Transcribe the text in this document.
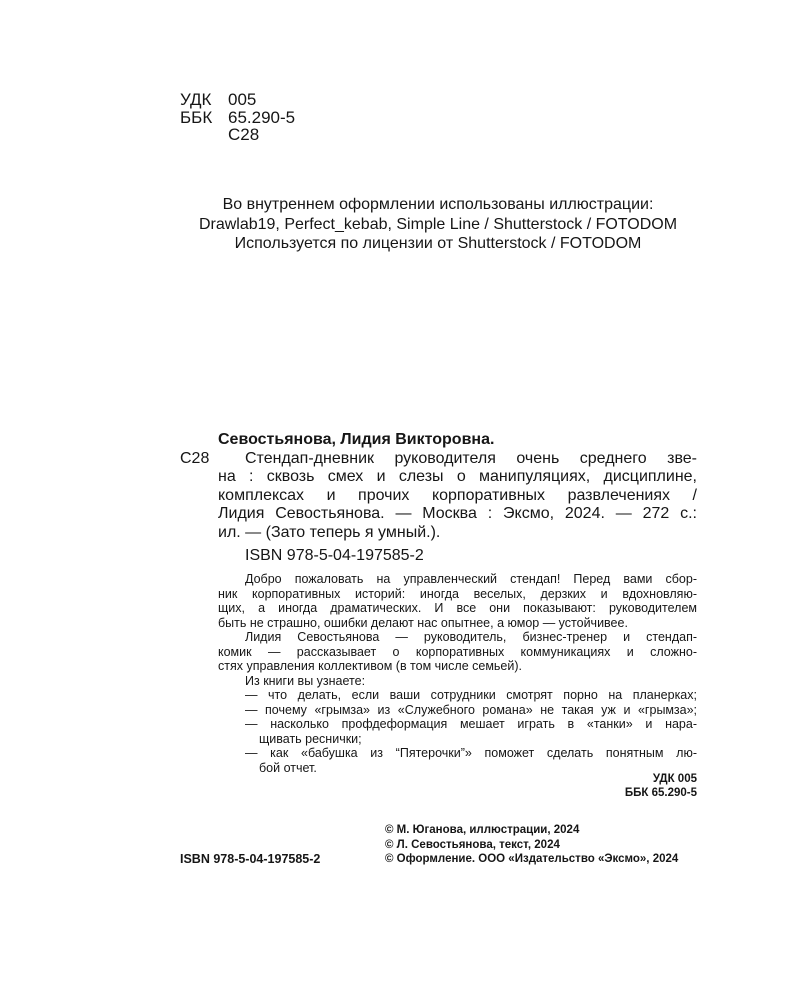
УДК 005
ББК 65.290-5
С28
Во внутреннем оформлении использованы иллюстрации:
Drawlab19, Perfect_kebab, Simple Line / Shutterstock / FOTODOM
Используется по лицензии от Shutterstock / FOTODOM
Севостьянова, Лидия Викторовна.
С28	Стендап-дневник руководителя очень среднего зве-
на : сквозь смех и слезы о манипуляциях, дисциплине,
комплексах и прочих корпоративных развлечениях /
Лидия Севостьянова. — Москва : Эксмо, 2024. — 272 с.:
ил. — (Зато теперь я умный.).
ISBN 978-5-04-197585-2
Добро пожаловать на управленческий стендап! Перед вами сбор-
ник корпоративных историй: иногда веселых, дерзких и вдохновляю-
щих, а иногда драматических. И все они показывают: руководителем
быть не страшно, ошибки делают нас опытнее, а юмор — устойчивее.
Лидия Севостьянова — руководитель, бизнес-тренер и стендап-
комик — рассказывает о корпоративных коммуникациях и сложно-
стях управления коллективом (в том числе семьей).
Из книги вы узнаете:
— что делать, если ваши сотрудники смотрят порно на планерках;
— почему «грымза» из «Служебного романа» не такая уж и «грымза»;
— насколько профдеформация мешает играть в «танки» и нара-
щивать реснички;
— как «бабушка из “Пятерочки”» поможет сделать понятным лю-
бой отчет.
УДК 005
ББК 65.290-5
© М. Юганова, иллюстрации, 2024
© Л. Севостьянова, текст, 2024
© Оформление. ООО «Издательство «Эксмо», 2024
ISBN 978-5-04-197585-2
